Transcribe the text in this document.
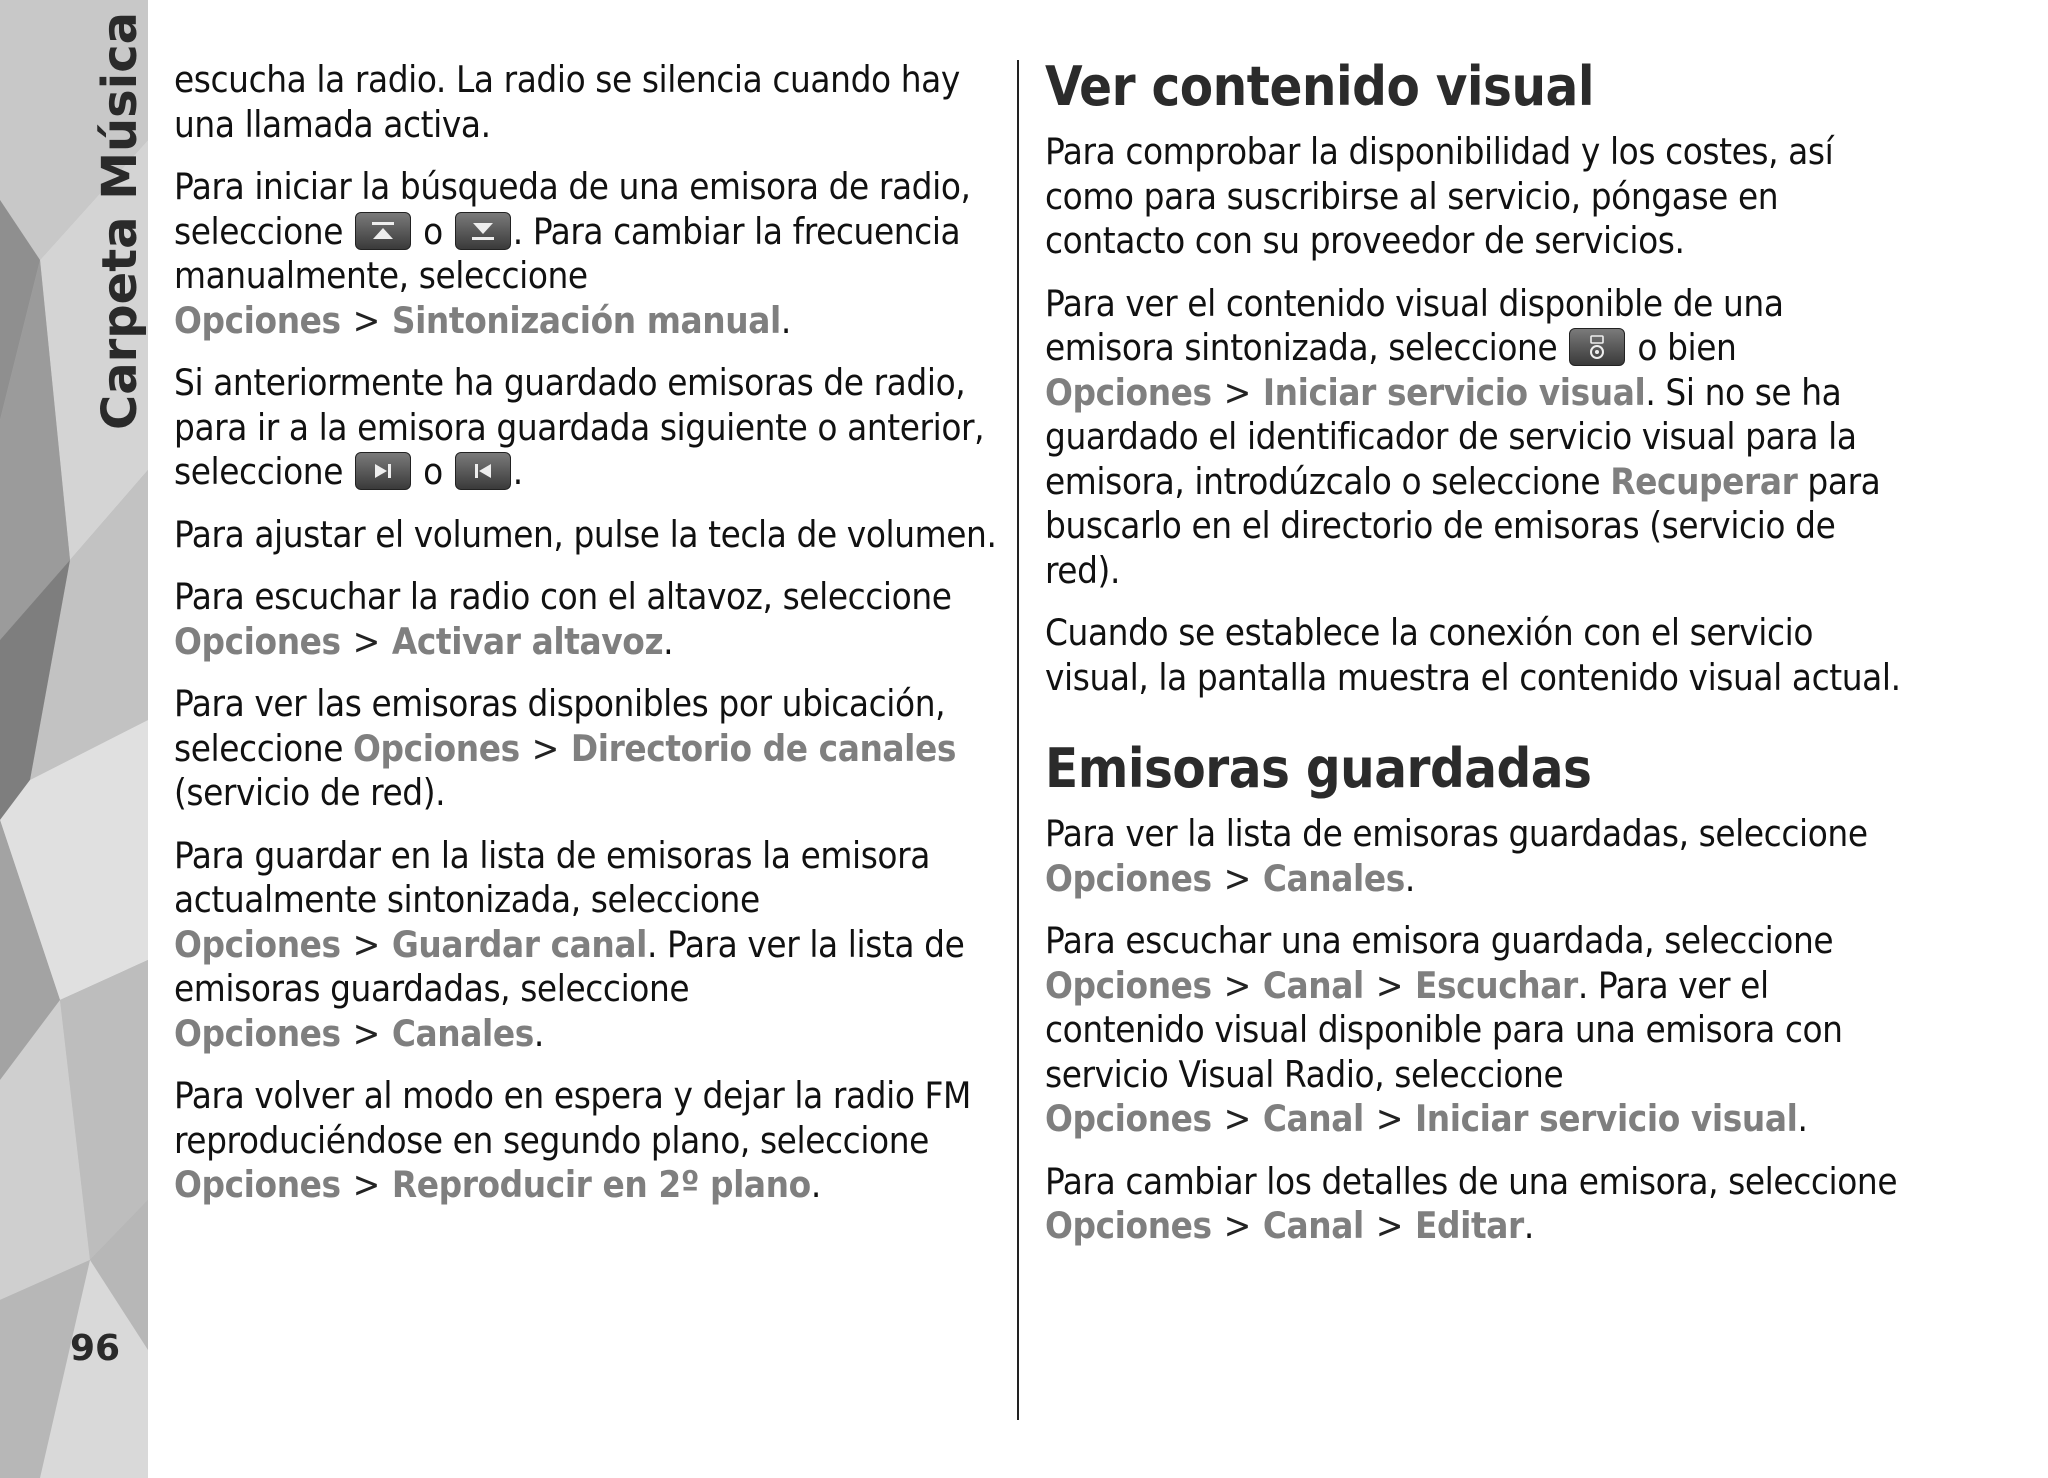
Carpeta Música
96

escucha la radio. La radio se silencia cuando hay una llamada activa.

Para iniciar la búsqueda de una emisora de radio, seleccione o . Para cambiar la frecuencia manualmente, seleccione Opciones > Sintonización manual.

Si anteriormente ha guardado emisoras de radio, para ir a la emisora guardada siguiente o anterior, seleccione o .

Para ajustar el volumen, pulse la tecla de volumen.

Para escuchar la radio con el altavoz, seleccione Opciones > Activar altavoz.

Para ver las emisoras disponibles por ubicación, seleccione Opciones > Directorio de canales (servicio de red).

Para guardar en la lista de emisoras la emisora actualmente sintonizada, seleccione Opciones > Guardar canal. Para ver la lista de emisoras guardadas, seleccione Opciones > Canales.

Para volver al modo en espera y dejar la radio FM reproduciéndose en segundo plano, seleccione Opciones > Reproducir en 2º plano.

Ver contenido visual

Para comprobar la disponibilidad y los costes, así como para suscribirse al servicio, póngase en contacto con su proveedor de servicios.

Para ver el contenido visual disponible de una emisora sintonizada, seleccione o bien Opciones > Iniciar servicio visual. Si no se ha guardado el identificador de servicio visual para la emisora, introdúzcalo o seleccione Recuperar para buscarlo en el directorio de emisoras (servicio de red).

Cuando se establece la conexión con el servicio visual, la pantalla muestra el contenido visual actual.

Emisoras guardadas

Para ver la lista de emisoras guardadas, seleccione Opciones > Canales.

Para escuchar una emisora guardada, seleccione Opciones > Canal > Escuchar. Para ver el contenido visual disponible para una emisora con servicio Visual Radio, seleccione Opciones > Canal > Iniciar servicio visual.

Para cambiar los detalles de una emisora, seleccione Opciones > Canal > Editar.
